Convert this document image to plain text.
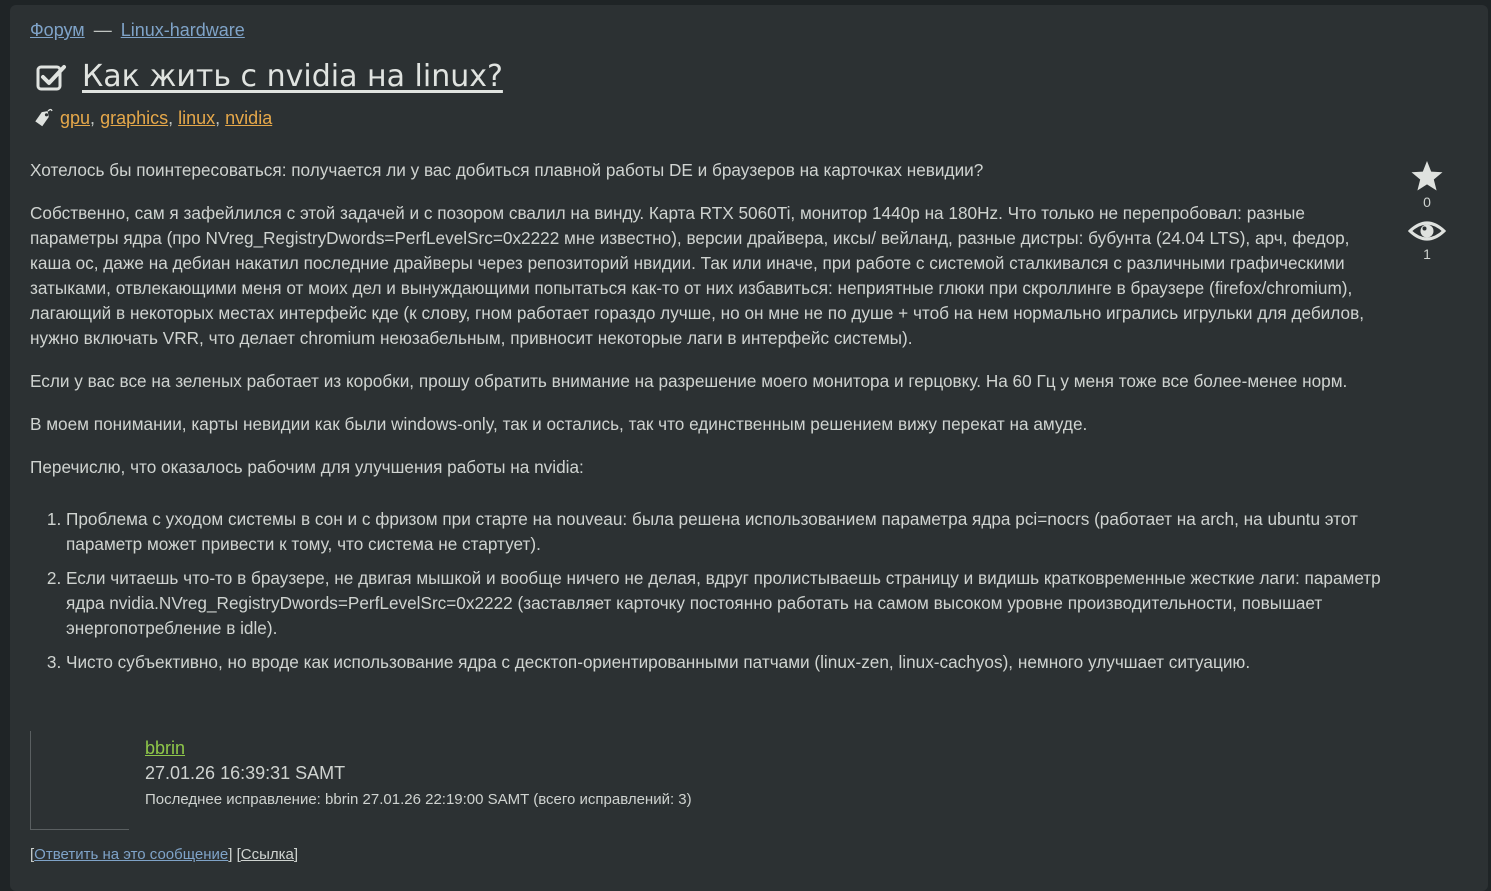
Форум — Linux-hardware
Как жить с nvidia на linux?
gpu , graphics , linux , nvidia

Хотелось бы поинтересоваться: получается ли у вас добиться плавной работы DE и браузеров на карточках невидии?

Собственно, сам я зафейлился с этой задачей и с позором свалил на винду. Карта RTX 5060Ti, монитор 1440p на 180Hz. Что только не перепробовал: разные параметры ядра (про NVreg_RegistryDwords=PerfLevelSrc=0x2222 мне известно), версии драйвера, иксы/ вейланд, разные дистры: бубунта (24.04 LTS), арч, федор, каша ос, даже на дебиан накатил последние драйверы через репозиторий нвидии. Так или иначе, при работе с системой сталкивался с различными графическими затыками, отвлекающими меня от моих дел и вынуждающими попытаться как-то от них избавиться: неприятные глюки при скроллинге в браузере (firefox/chromium), лагающий в некоторых местах интерфейс кде (к слову, гном работает гораздо лучше, но он мне не по душе + чтоб на нем нормально игрались игрульки для дебилов, нужно включать VRR, что делает chromium неюзабельным, привносит некоторые лаги в интерфейс системы).

Если у вас все на зеленых работает из коробки, прошу обратить внимание на разрешение моего монитора и герцовку. На 60 Гц у меня тоже все более-менее норм.

В моем понимании, карты невидии как были windows-only, так и остались, так что единственным решением вижу перекат на амуде.

Перечислю, что оказалось рабочим для улучшения работы на nvidia:

1. Проблема с уходом системы в сон и с фризом при старте на nouveau: была решена использованием параметра ядра pci=nocrs (работает на arch, на ubuntu этот параметр может привести к тому, что система не стартует).
2. Если читаешь что-то в браузере, не двигая мышкой и вообще ничего не делая, вдруг пролистываешь страницу и видишь кратковременные жесткие лаги: параметр ядра nvidia.NVreg_RegistryDwords=PerfLevelSrc=0x2222 (заставляет карточку постоянно работать на самом высоком уровне производительности, повышает энергопотребление в idle).
3. Чисто субъективно, но вроде как использование ядра с десктоп-ориентированными патчами (linux-zen, linux-cachyos), немного улучшает ситуацию.
0
1
bbrin
27.01.26 16:39:31 SAMT
Последнее исправление: bbrin 27.01.26 22:19:00 SAMT (всего исправлений: 3)
[Ответить на это сообщение] [Ссылка]
